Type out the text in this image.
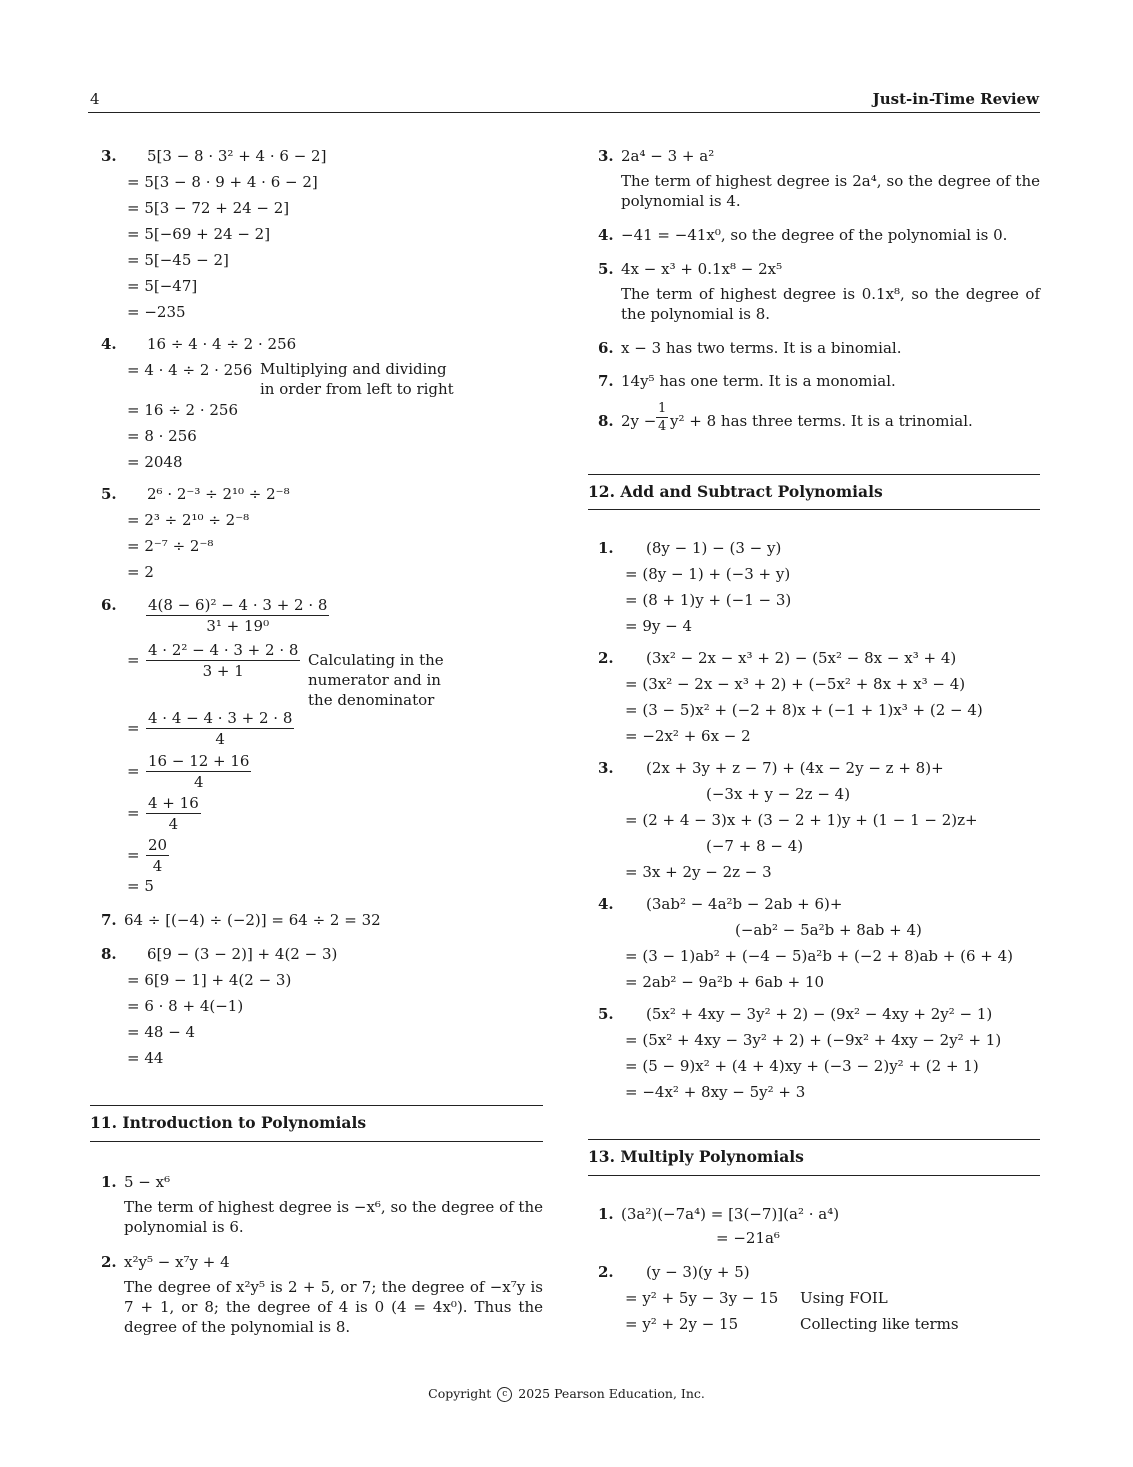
4	Just-in-Time Review
3. 5[3 − 8 · 3² + 4 · 6 − 2]
= 5[3 − 8 · 9 + 4 · 6 − 2]
= 5[3 − 72 + 24 − 2]
= 5[−69 + 24 − 2]
= 5[−45 − 2]
= 5[−47]
= −235
4. 16 ÷ 4 · 4 ÷ 2 · 256
= 4 · 4 ÷ 2 · 256 Multiplying and dividing
in order from left to right
= 16 ÷ 2 · 256
= 8 · 256
= 2048
5. 2⁶ · 2⁻³ ÷ 2¹⁰ ÷ 2⁻⁸
= 2³ ÷ 2¹⁰ ÷ 2⁻⁸
= 2⁻⁷ ÷ 2⁻⁸
= 2
6. $\frac{\text{4(8 − 6)² − 4 · 3 + 2 · 8}}{\text{3¹ + 19⁰}}$
= $\frac{\text{4 · 2² − 4 · 3 + 2 · 8}}{3 + 1}$ Calculating in the
numerator and in
the denominator
= $\frac{4 \cdot 4 - 4 \cdot 3 + 2 \cdot 8}{4}$
= $\frac{16 - 12 + 16}{4}$
= $\frac{4 + 16}{4}$
= $\frac{20}{4}$
= 5
7. 64 ÷ [(−4) ÷ (−2)] = 64 ÷ 2 = 32
8. 6[9 − (3 − 2)] + 4(2 − 3)
= 6[9 − 1] + 4(2 − 3)
= 6 · 8 + 4(−1)
= 48 − 4
= 44
11. Introduction to Polynomials
1. 5 − x⁶
The term of highest degree is −x⁶, so the degree of the polynomial is 6.
2. x²y⁵ − x⁷y + 4
The degree of x²y⁵ is 2 + 5, or 7; the degree of −x⁷y is 7 + 1, or 8; the degree of 4 is 0 (4 = 4x⁰). Thus the degree of the polynomial is 8.
3. 2a⁴ − 3 + a²
The term of highest degree is 2a⁴, so the degree of the polynomial is 4.
4. −41 = −41x⁰, so the degree of the polynomial is 0.
5. 4x − x³ + 0.1x⁸ − 2x⁵
The term of highest degree is 0.1x⁸, so the degree of the polynomial is 8.
6. x − 3 has two terms. It is a binomial.
7. 14y⁵ has one term. It is a monomial.
8. $2y - \frac{1}{4} y^2 + 8$ has three terms. It is a trinomial.
12. Add and Subtract Polynomials
1. (8y − 1) − (3 − y)
= (8y − 1) + (−3 + y)
= (8 + 1)y + (−1 − 3)
= 9y − 4
2. (3x² − 2x − x³ + 2) − (5x² − 8x − x³ + 4)
= (3x² − 2x − x³ + 2) + (−5x² + 8x + x³ − 4)
= (3 − 5)x² + (−2 + 8)x + (−1 + 1)x³ + (2 − 4)
= −2x² + 6x − 2
3. (2x + 3y + z − 7) + (4x − 2y − z + 8)+
(−3x + y − 2z − 4)
= (2 + 4 − 3)x + (3 − 2 + 1)y + (1 − 1 − 2)z+
(−7 + 8 − 4)
= 3x + 2y − 2z − 3
4. (3ab² − 4a²b − 2ab + 6)+
(−ab² − 5a²b + 8ab + 4)
= (3 − 1)ab² + (−4 − 5)a²b + (−2 + 8)ab + (6 + 4)
= 2ab² − 9a²b + 6ab + 10
5. (5x² + 4xy − 3y² + 2) − (9x² − 4xy + 2y² − 1)
= (5x² + 4xy − 3y² + 2) + (−9x² + 4xy − 2y² + 1)
= (5 − 9)x² + (4 + 4)xy + (−3 − 2)y² + (2 + 1)
= −4x² + 8xy − 5y² + 3
13. Multiply Polynomials
1. (3a²)(−7a⁴) = [3(−7)](a² · a⁴)
= −21a⁶
2. (y − 3)(y + 5)
= y² + 5y − 3y − 15 Using FOIL
= y² + 2y − 15	Collecting like terms
Copyright c 2025 Pearson Education, Inc.
